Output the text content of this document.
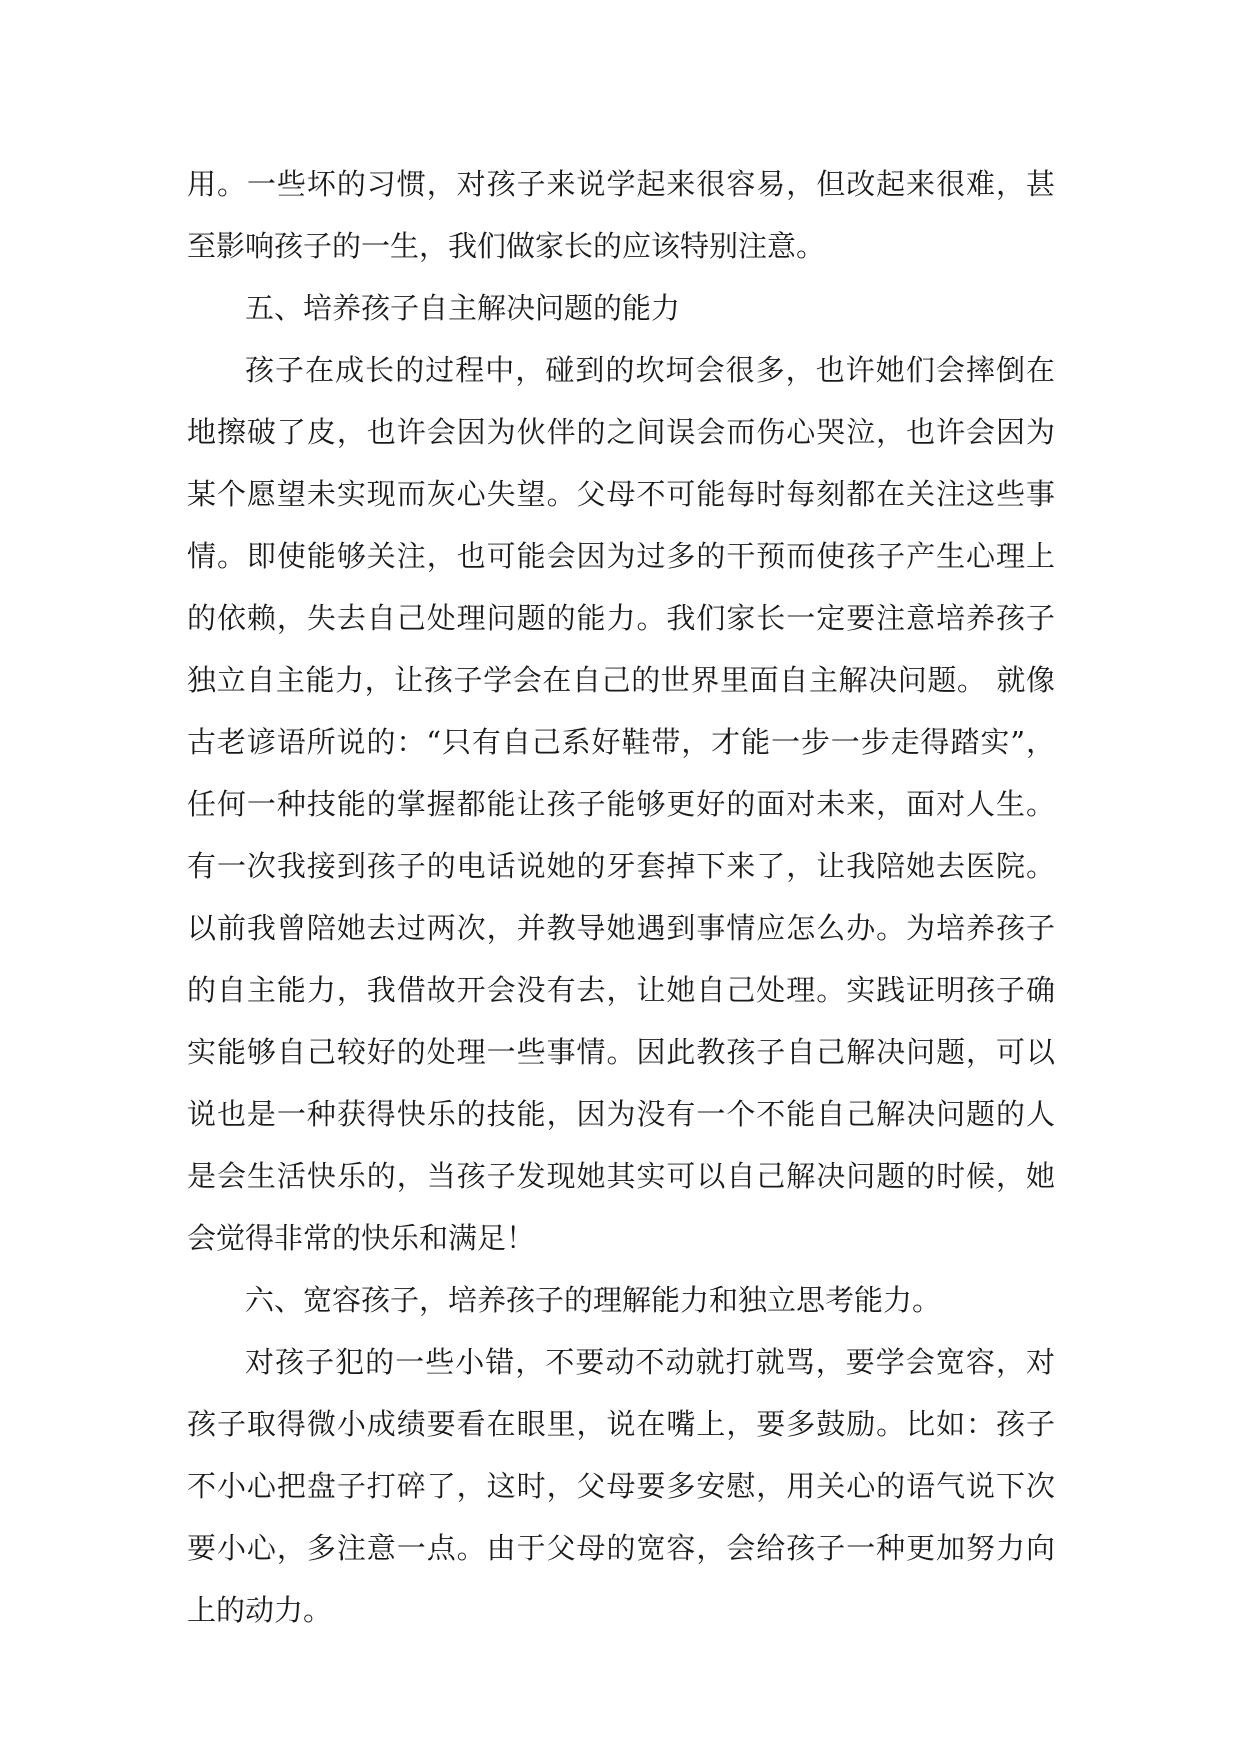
用。一些坏的习惯，对孩子来说学起来很容易，但改起来很难，甚至影响孩子的一生，我们做家长的应该特别注意。

五、培养孩子自主解决问题的能力

孩子在成长的过程中，碰到的坎坷会很多，也许她们会摔倒在地擦破了皮，也许会因为伙伴的之间误会而伤心哭泣，也许会因为某个愿望未实现而灰心失望。父母不可能每时每刻都在关注这些事情。即使能够关注，也可能会因为过多的干预而使孩子产生心理上的依赖，失去自己处理问题的能力。我们家长一定要注意培养孩子独立自主能力，让孩子学会在自己的世界里面自主解决问题。 就像古老谚语所说的：“只有自己系好鞋带，才能一步一步走得踏实”，任何一种技能的掌握都能让孩子能够更好的面对未来，面对人生。有一次我接到孩子的电话说她的牙套掉下来了，让我陪她去医院。以前我曾陪她去过两次，并教导她遇到事情应怎么办。为培养孩子的自主能力，我借故开会没有去，让她自己处理。实践证明孩子确实能够自己较好的处理一些事情。因此教孩子自己解决问题，可以说也是一种获得快乐的技能，因为没有一个不能自己解决问题的人是会生活快乐的，当孩子发现她其实可以自己解决问题的时候，她会觉得非常的快乐和满足！

六、宽容孩子，培养孩子的理解能力和独立思考能力。

对孩子犯的一些小错，不要动不动就打就骂，要学会宽容，对孩子取得微小成绩要看在眼里，说在嘴上，要多鼓励。比如：孩子不小心把盘子打碎了，这时，父母要多安慰，用关心的语气说下次要小心，多注意一点。由于父母的宽容，会给孩子一种更加努力向上的动力。
